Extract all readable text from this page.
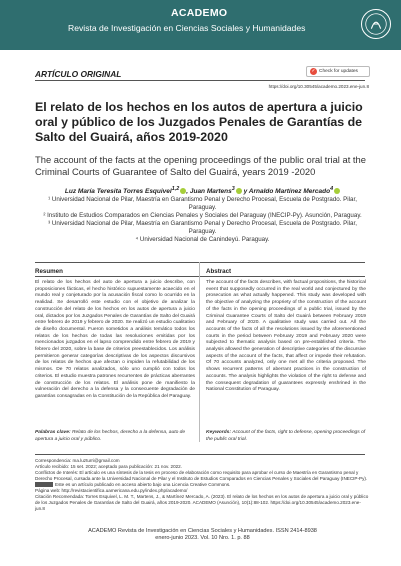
ACADEMO
Revista de Investigación en Ciencias Sociales y Humanidades
ARTÍCULO ORIGINAL	✓ Check for updates
https://doi.org/10.30545/academo.2023.ene-jun.8
El relato de los hechos en los autos de apertura a juicio oral y público de los Juzgados Penales de Garantías de Salto del Guairá, años 2019-2020
The account of the facts at the opening proceedings of the public oral trial at the Criminal Courts of Guarantee of Salto del Guairá, years 2019 -2020
Luz María Teresita Torres Esquivel$^{1,2}$ , Juan Martens$^3$ y Arnaldo Martínez Mercado$^4$

¹ Universidad Nacional de Pilar, Maestría en Garantismo Penal y Derecho Procesal, Escuela de Postgrado. Pilar, Paraguay.

² Instituto de Estudios Comparados en Ciencias Penales y Sociales del Paraguay (INECIP-Py). Asunción, Paraguay.

³ Universidad Nacional de Pilar, Maestría en Garantismo Penal y Derecho Procesal, Escuela de Postgrado. Pilar, Paraguay.

⁴ Universidad Nacional de Canindeyú. Paraguay.

Resumen	Abstract
El relato de los hechos del auto de apertura a juicio describe, con proposiciones fácticas, el hecho histórico supuestamente acaecido en el mundo real y conjeturado por la acusación fiscal como lo ocurrido en la realidad. Se desarrolló este estudio con el objetivo de analizar la construcción del relato de los hechos en los autos de apertura a juicio oral, dictados por los Juzgados Penales de Garantías de Salto del Guairá entre febrero de 2019 y febrero de 2020. Se realizó un estudio cualitativo de diseño documental. Fueron sometidos a análisis temático todos los relatos de los hechos de todas las resoluciones emitidas por los mencionados juzgados en el lapso comprendido entre febrero de 2019 y febrero del 2020, sobre la base de criterios preestablecidos. Los análisis permitieron generar categorías descriptivas de los aspectos discursivos de los relatos de hechos que afectan o impiden la refutabilidad de los mismos. De 70 relatos analizados, sólo uno cumplió con todos los criterios. El estudio muestra patrones recurrentes de prácticas aberrantes de construcción de los relatos. El análisis pone de manifiesto la vulneración del derecho a la defensa y la consecuente degradación de garantías consagradas en la Constitución de la República del Paraguay.
The account of the facts describes, with factual propositions, the historical event that supposedly occurred in the real world and conjectured by the prosecution as what actually happened. This study was developed with the objective of analyzing the propriety of the construction of the account of the facts in the opening proceedings of a public trial, issued by the Criminal Guarantee Courts of Salto del Guairá between February 2019 and February of 2020. A qualitative study was carried out. All the accounts of the facts of all the resolutions issued by the aforementioned courts in the period between February 2019 and February 2020 were subjected to thematic analysis based on pre-established criteria. The analysis allowed the generation of descriptive categories of the discursive aspects of the account of the facts, that affect or impede their refutation. Of 70 accounts analyzed, only one met all the criteria proposed. The shows recurrent patterns of aberrant practices in the construction of accounts. The analysis highlights the violation of the right to defense and the consequent degradation of guarantees expressly enshrined in the National Constitution of Paraguay.
Palabras clave: Relato de los hechos, derecho a la defensa, auto de apertura a juicio oral y público.
Keywords: Account of the facts, right to defense, opening proceedings of the public oral trial.

Correspondencia: ma.luzturri@gmail.com

Artículo recibido: 15 set. 2022; aceptado para publicación: 21 nov. 2022.

Conflictos de Interés: El artículo es una síntesis de la tesis en proceso de elaboración como requisito para aprobar el curso de Maestría en Garantismo penal y Derecho Procesal, cursada ante la Universidad Nacional de Pilar y el Instituto de Estudios Comparados en Ciencias Penales y Sociales del Paraguay (INECIP-Py).

Este es un artículo publicado en acceso abierto bajo una Licencia Creative Commons.

Página web: http://revistacientifica.uamericana.edu.py/index.php/academo/

Citación Recomendada: Torres Esquivel, L. M. T., Martens, J., & Martínez Mercado, A. (2023). El relato de los hechos en los autos de apertura a juicio oral y público de los Juzgados Penales de Garantías de Salto del Guairá, años 2019-2020. ACADEMO (Asunción), 10(1):88-102. https://doi.org/10.30545/academo.2023.ene-jun.8

ACADEMO Revista de Investigación en Ciencias Sociales y Humanidades. ISSN 2414-8938
enero-junio 2023. Vol. 10 Nro. 1. p. 88
